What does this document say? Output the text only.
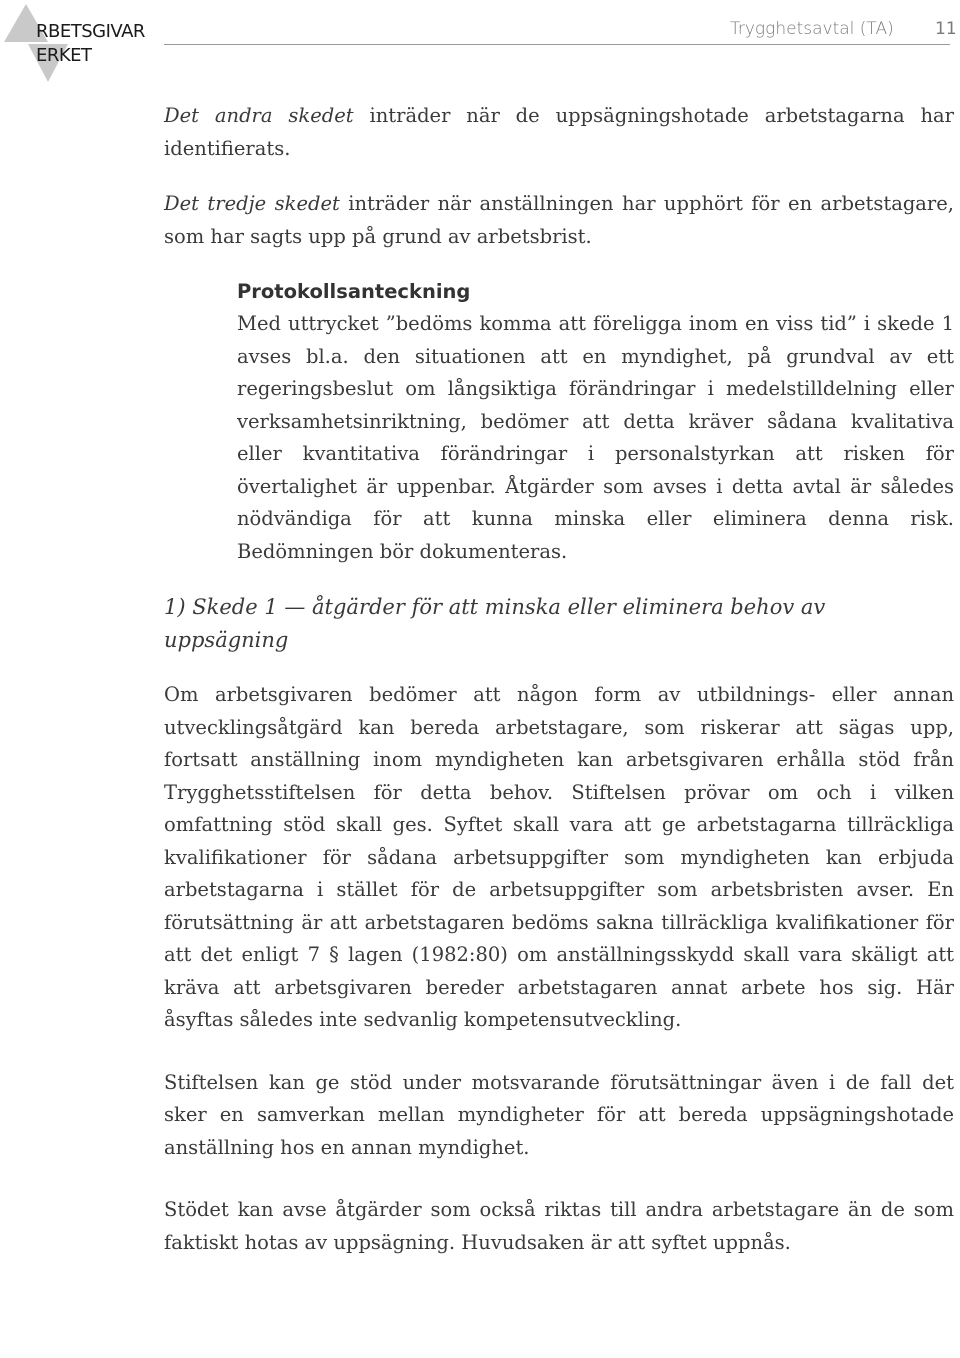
RBETSGIVAR
ERKET
Trygghetsavtal (TA) 11

Det andra skedet inträder när de uppsägningshotade arbetstagarna har identifierats.

Det tredje skedet inträder när anställningen har upphört för en arbetstagare, som har sagts upp på grund av arbetsbrist.

Protokollsanteckning

Med uttrycket ”bedöms komma att föreligga inom en viss tid” i skede 1 avses bl.a. den situationen att en myndighet, på grundval av ett regeringsbeslut om långsiktiga förändringar i medelstilldelning eller verksamhetsinriktning, bedömer att detta kräver sådana kvalitativa eller kvantitativa förändringar i personalstyrkan att risken för övertalighet är uppenbar. Åtgärder som avses i detta avtal är således nödvändiga för att kunna minska eller eliminera denna risk. Bedömningen bör dokumenteras.

1) Skede 1 — åtgärder för att minska eller eliminera behov av uppsägning

Om arbetsgivaren bedömer att någon form av utbildnings- eller annan utvecklingsåtgärd kan bereda arbetstagare, som riskerar att sägas upp, fortsatt anställning inom myndigheten kan arbetsgivaren erhålla stöd från Trygghetsstiftelsen för detta behov. Stiftelsen prövar om och i vilken omfattning stöd skall ges. Syftet skall vara att ge arbetstagarna tillräckliga kvalifikationer för sådana arbetsuppgifter som myndigheten kan erbjuda arbetstagarna i stället för de arbetsuppgifter som arbetsbristen avser. En förutsättning är att arbetstagaren bedöms sakna tillräckliga kvalifikationer för att det enligt 7 § lagen (1982:80) om anställningsskydd skall vara skäligt att kräva att arbetsgivaren bereder arbetstagaren annat arbete hos sig. Här åsyftas således inte sedvanlig kompetensutveckling.

Stiftelsen kan ge stöd under motsvarande förutsättningar även i de fall det sker en samverkan mellan myndigheter för att bereda uppsägningshotade anställning hos en annan myndighet.

Stödet kan avse åtgärder som också riktas till andra arbetstagare än de som faktiskt hotas av uppsägning. Huvudsaken är att syftet uppnås.
